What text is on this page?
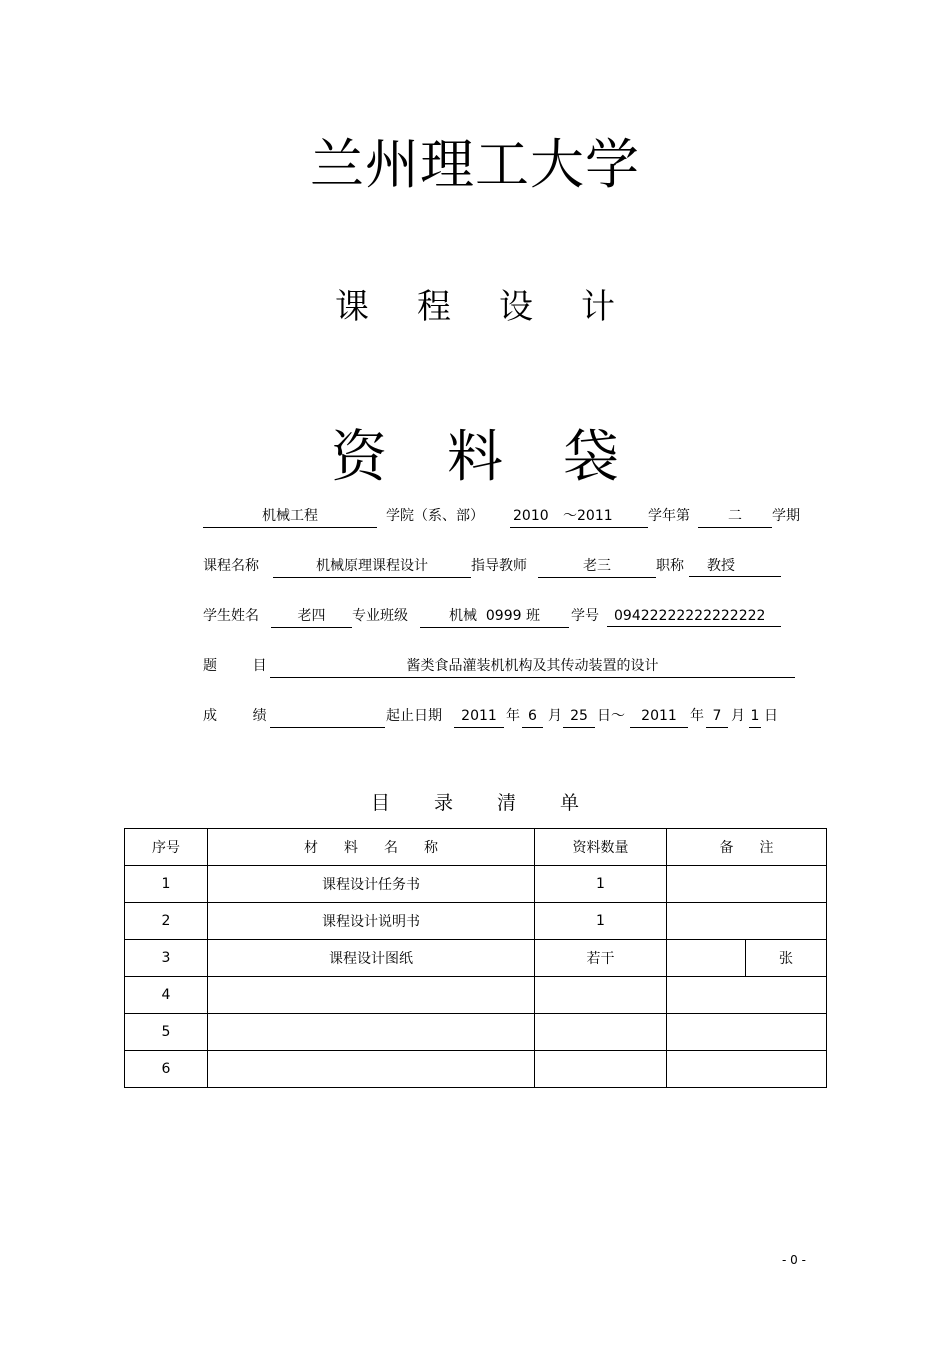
兰州理工大学
课 程 设 计
资 料 袋
机械工程	学院（系、部） 2010 ～2011	学年第	二	学期
课程名称	机械原理课程设计	指导教师	老三	职称	教授
学生姓名	老四	专业班级	机械  0999 班	学号	09422222222222222
题        目	酱类食品灌装机机构及其传动装置的设计
成        绩	起止日期	2011 年 6 月 25 日～	2011 年 7 月 1 日
目 录 清 单
序号	材 料 名 称	资料数量	备 注	
1	课程设计任务书	1		
2	课程设计说明书	1		
3	课程设计图纸	若干		张
4				
5				
6				
- 0 -
